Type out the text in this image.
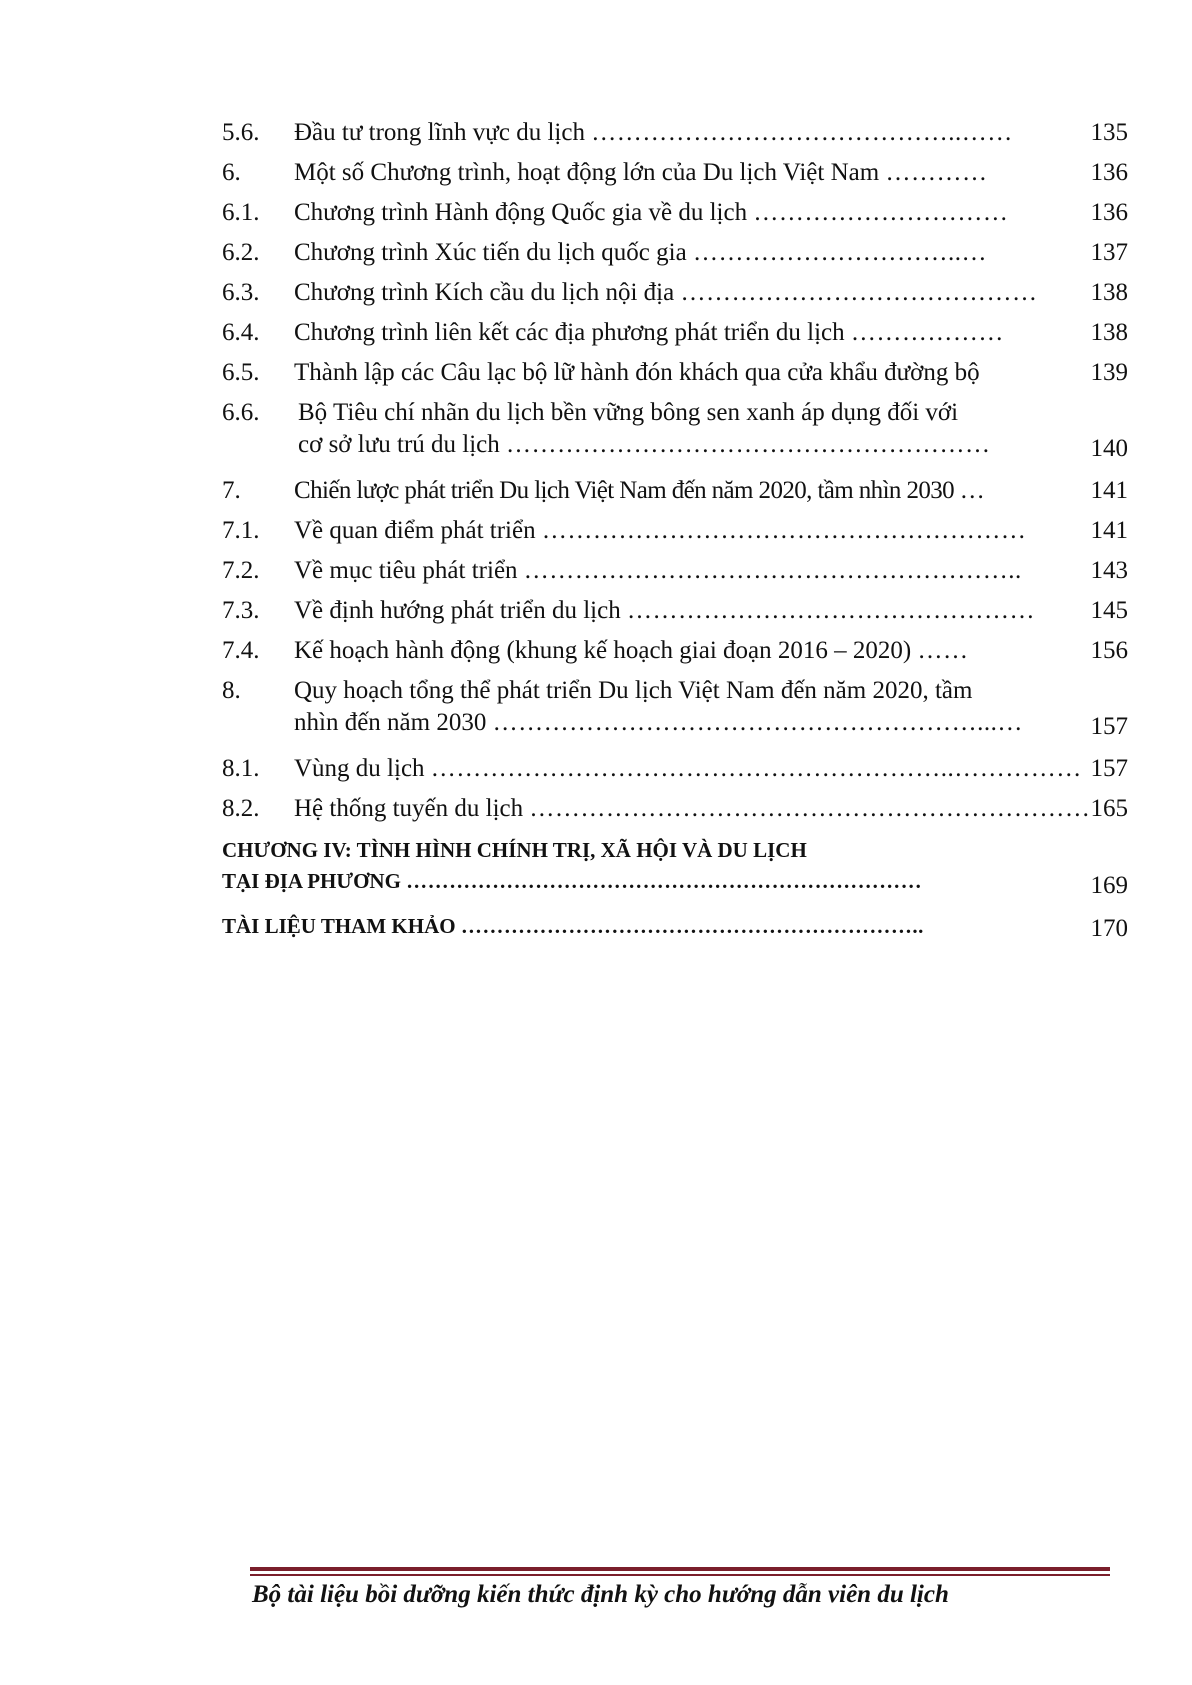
5.6. Đầu tư trong lĩnh vực du lịch ……………………………………..……	135
6. Một số Chương trình, hoạt động lớn của Du lịch Việt Nam …………	136
6.1. Chương trình Hành động Quốc gia về du lịch …………………………	136
6.2. Chương trình Xúc tiến du lịch quốc gia …………………………..…	137
6.3. Chương trình Kích cầu du lịch nội địa …………………………………… 138
6.4. Chương trình liên kết các địa phương phát triển du lịch ………………	138
6.5. Thành lập các Câu lạc bộ lữ hành đón khách qua cửa khẩu đường bộ	139
6.6. Bộ Tiêu chí nhãn du lịch bền vững bông sen xanh áp dụng đối với
cơ sở lưu trú du lịch …………………………………………………	140
7. Chiến lược phát triển Du lịch Việt Nam đến năm 2020, tầm nhìn 2030 …	141
7.1. Về quan điểm phát triển …………………………………………………	141
7.2. Về mục tiêu phát triển …………………………………………………..	143
7.3. Về định hướng phát triển du lịch ………………………………………… 145
7.4. Kế hoạch hành động (khung kế hoạch giai đoạn 2016 – 2020) ……	156
8. Quy hoạch tổng thể phát triển Du lịch Việt Nam đến năm 2020, tầm
nhìn đến năm 2030 …………………………………………………...…	157
8.1. Vùng du lịch ……………………………………………………..…………… 157
8.2. Hệ thống tuyến du lịch ………………………………………………………… 165
CHƯƠNG IV: TÌNH HÌNH CHÍNH TRỊ, XÃ HỘI VÀ DU LỊCH
TẠI ĐỊA PHƯƠNG ………………………………………………………………	169
TÀI LIỆU THAM KHẢO ………………………………………………………..	170
Bộ tài liệu bồi dưỡng kiến thức định kỳ cho hướng dẫn viên du lịch
